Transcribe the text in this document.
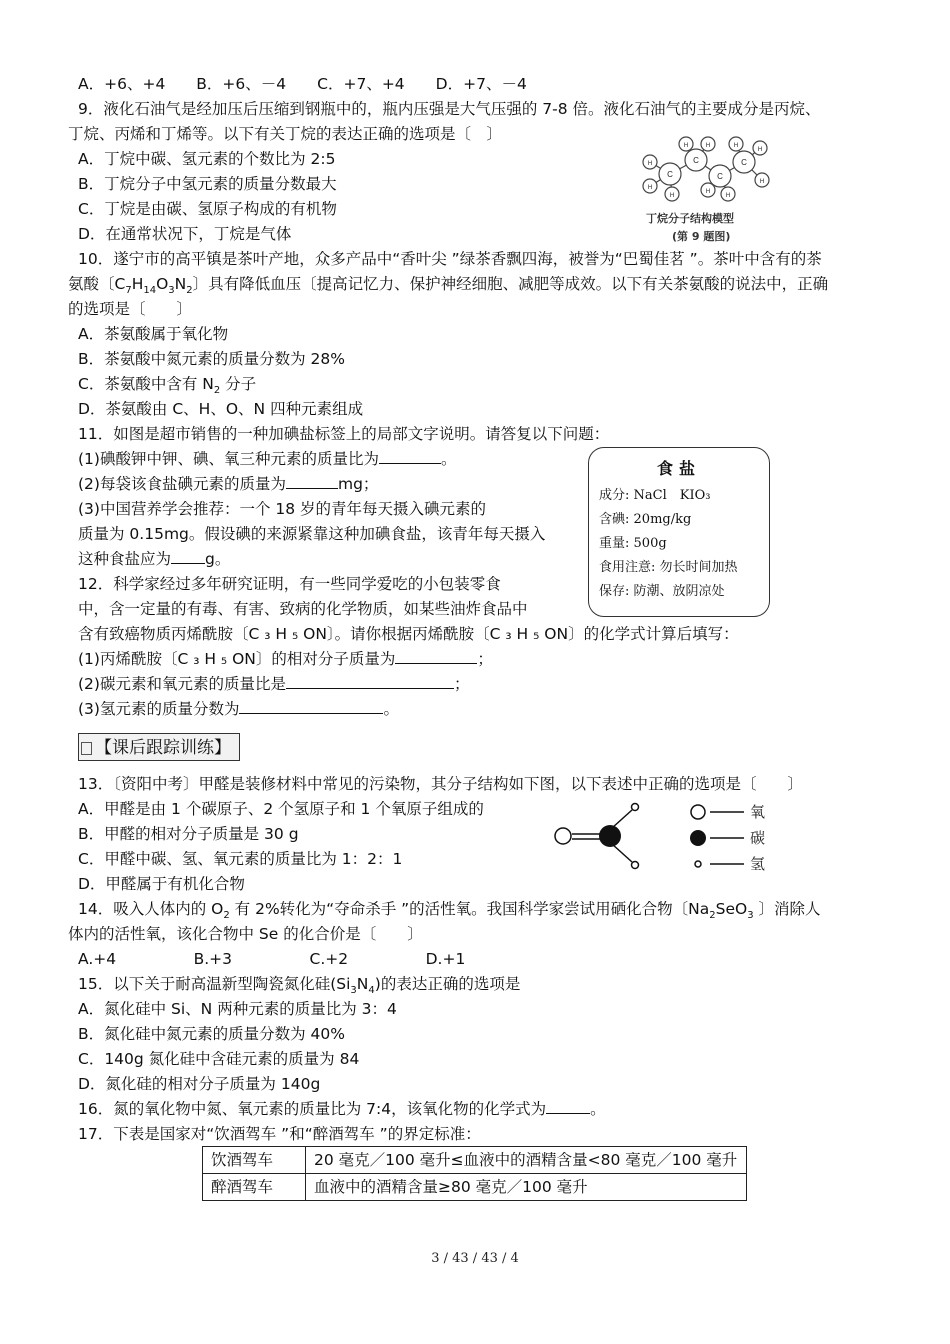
A．+6、+4　　B．+6、－4　　C．+7、+4　　D．+7、－4
9．液化石油气是经加压后压缩到钢瓶中的，瓶内压强是大气压强的 7-8 倍。液化石油气的主要成分是丙烷、
丁烷、丙烯和丁烯等。以下有关丁烷的表达正确的选项是〔　〕
A．丁烷中碳、氢元素的个数比为 2:5
B．丁烷分子中氢元素的质量分数最大
C．丁烷是由碳、氢原子构成的有机物
D．在通常状况下，丁烷是气体
C
C
C
C
H
H
H
H	H
H
H
H
H
H
丁烷分子结构模型
(第 9 题图)
10．遂宁市的高平镇是茶叶产地，众多产品中“香叶尖 ”绿茶香飘四海，被誉为“巴蜀佳茗 ”。茶叶中含有的茶
氨酸〔$C_7H_{14}O_3N_2$〕具有降低血压〔提高记忆力、保护神经细胞、减肥等成效。以下有关茶氨酸的说法中，正确
的选项是〔　　〕
A．茶氨酸属于氧化物
B．茶氨酸中氮元素的质量分数为 28%
C．茶氨酸中含有 $N_2$ 分子
D．茶氨酸由 C、H、O、N 四种元素组成
11．如图是超市销售的一种加碘盐标签上的局部文字说明。请答复以下问题：
(1)碘酸钾中钾、碘、氧三种元素的质量比为	。
(2)每袋该食盐碘元素的质量为	mg；
(3)中国营养学会推荐：一个 18 岁的青年每天摄入碘元素的
质量为 0.15mg。假设碘的来源紧靠这种加碘食盐，该青年每天摄入
这种食盐应为 g。
食盐
成分: NaCl　KIO₃
含碘: 20mg/kg
重量: 500g
食用注意: 勿长时间加热
保存: 防潮、放阴凉处
12．科学家经过多年研究证明，有一些同学爱吃的小包装零食
中，含一定量的有毒、有害、致病的化学物质，如某些油炸食品中
含有致癌物质丙烯酰胺〔C ₃ H ₅ ON〕。请你根据丙烯酰胺〔C ₃ H ₅ ON〕的化学式计算后填写：
(1)丙烯酰胺〔C ₃ H ₅ ON〕的相对分子质量为	；
(2)碳元素和氧元素的质量比是	；
(3)氢元素的质量分数为	。
【课后跟踪训练】
13．〔资阳中考〕甲醛是装修材料中常见的污染物，其分子结构如下图，以下表述中正确的选项是〔　　〕
A．甲醛是由 1 个碳原子、2 个氢原子和 1 个氧原子组成的
B．甲醛的相对分子质量是 30 g
C．甲醛中碳、氢、氧元素的质量比为 1：2：1
D．甲醛属于有机化合物
氧
碳
氢
14．吸入人体内的 $O_2$ 有 2%转化为“夺命杀手 ”的活性氧。我国科学家尝试用硒化合物〔$Na_2SeO_3$ 〕消除人
体内的活性氧，该化合物中 Se 的化合价是〔　　〕
A.+4　　　　　B.+3　　　　　C.+2　　　　　D.+1
15．以下关于耐高温新型陶瓷氮化硅$(Si_3N_4)$的表达正确的选项是
A．氮化硅中 Si、N 两种元素的质量比为 3：4
B．氮化硅中氮元素的质量分数为 40%
C．140g 氮化硅中含硅元素的质量为 84
D．氮化硅的相对分子质量为 140g
16．氮的氧化物中氮、氧元素的质量比为 7:4，该氧化物的化学式为	。
17．下表是国家对“饮酒驾车 ”和“醉酒驾车 ”的界定标准：
饮酒驾车	20 毫克／100 毫升≤血液中的酒精含量<80 毫克／100 毫升
醉酒驾车	血液中的酒精含量≥80 毫克／100 毫升
3 / 43 / 43 / 4
